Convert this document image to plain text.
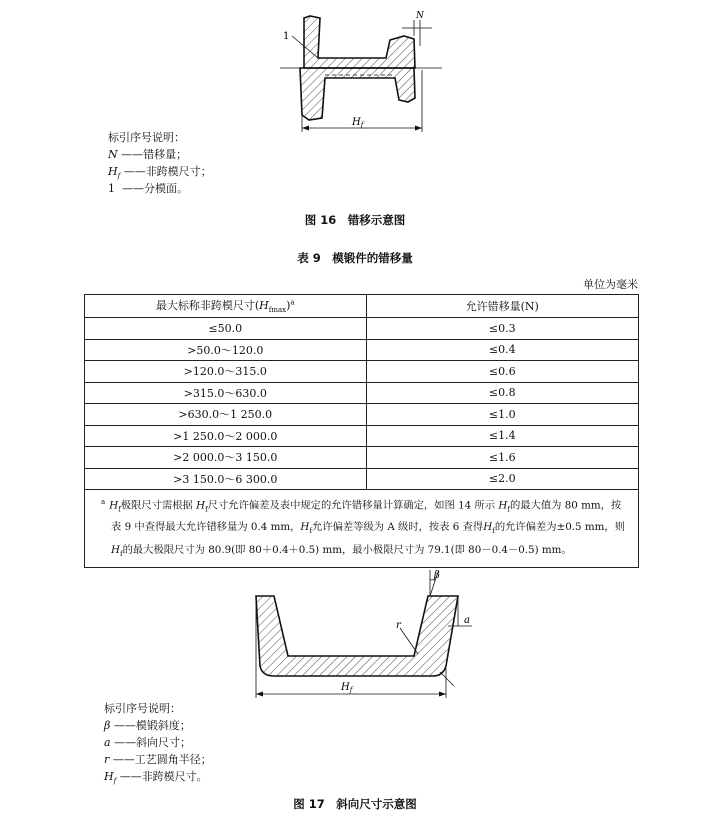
1
N
$H_f$
标引序号说明：
N ——错移量；
$H_f$ ——非跨模尺寸；
1 ——分模面。
图 16　错移示意图
表 9　模锻件的错移量
单位为毫米
最大标称非跨模尺寸$(H_{fmax})^a$	允许错移量(N)
≤50.0	≤0.3
>50.0～120.0	≤0.4
>120.0～315.0	≤0.6
>315.0～630.0	≤0.8
>630.0～1 250.0	≤1.0
>1 250.0～2 000.0	≤1.4
>2 000.0～3 150.0	≤1.6
>3 150.0～6 300.0	≤2.0
$^a$ $H_f$极限尺寸需根据 $H_f$尺寸允许偏差及表中规定的允许错移量计算确定，如图 14 所示 $H_f$的最大值为 80 mm，按表 9 中查得最大允许错移量为 0.4 mm，$H_f$允许偏差等级为 A 级时，按表 6 查得$H_f$的允许偏差为±0.5 mm，则$H_f$的最大极限尺寸为 80.9(即 80＋0.4＋0.5) mm，最小极限尺寸为 79.1(即 80－0.4－0.5) mm。	
β
a
r
$H_f$
标引序号说明：
β ——模锻斜度；
a ——斜向尺寸；
r ——工艺圆角半径；
$H_f$ ——非跨模尺寸。
图 17　斜向尺寸示意图
